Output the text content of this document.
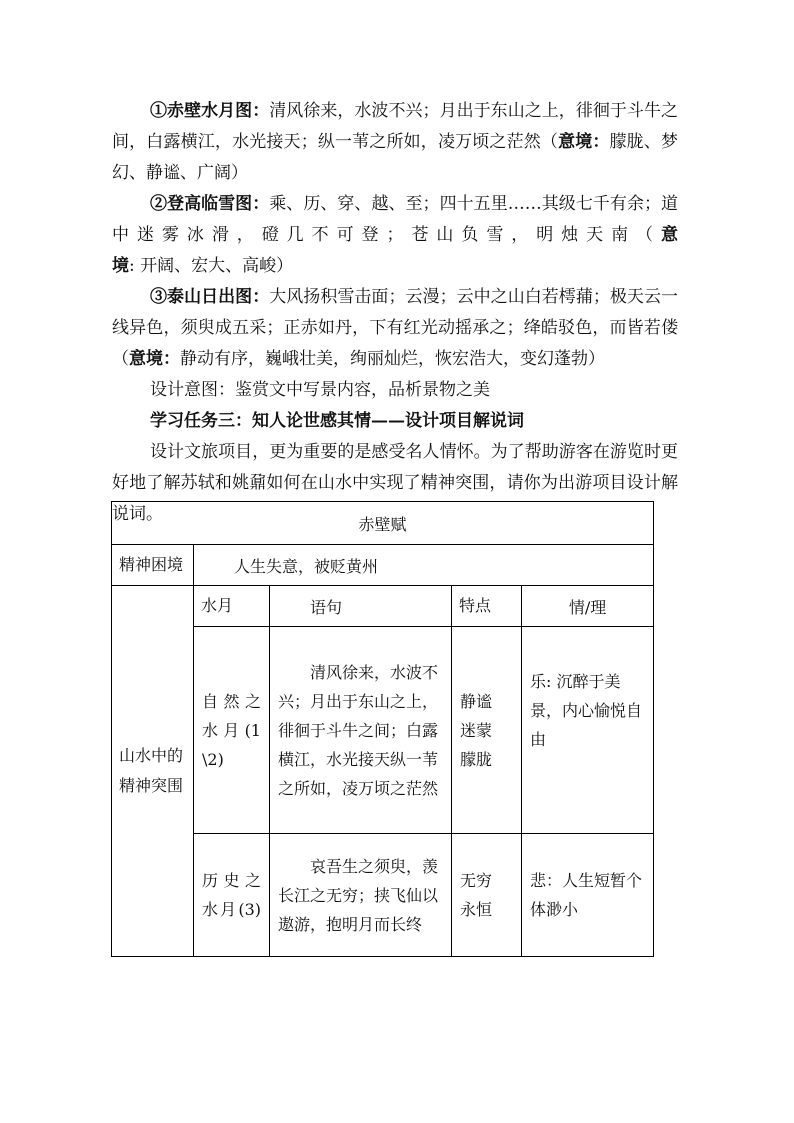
①赤壁水月图：清风徐来，水波不兴；月出于东山之上，徘徊于斗牛之间，白露横江，水光接天；纵一苇之所如，凌万顷之茫然（意境：朦胧、梦幻、静谧、广阔）

②登高临雪图：乘、历、穿、越、至；四十五里……其级七千有余；道中迷雾冰滑，磴几不可登；苍山负雪，明烛天南（意境: 开阔、宏大、高峻）

③泰山日出图：大风扬积雪击面；云漫；云中之山白若樗蒱；极天云一线异色，须臾成五采；正赤如丹，下有红光动摇承之；绛皓驳色，而皆若偻（意境：静动有序，巍峨壮美，绚丽灿烂，恢宏浩大，变幻蓬勃）

设计意图：鉴赏文中写景内容，品析景物之美

学习任务三：知人论世感其情——设计项目解说词

设计文旅项目，更为重要的是感受名人情怀。为了帮助游客在游览时更好地了解苏轼和姚鼐如何在山水中实现了精神突围，请你为出游项目设计解说词。	赤壁赋				
精神困境	人生失意，被贬黄州			
山水中的精神突围	水月	语句	特点	情/理
	自然之水月(1\2)	清风徐来，水波不兴；月出于东山之上，徘徊于斗牛之间；白露横江，水光接天纵一苇之所如，凌万顷之茫然	静谧迷蒙朦胧	乐: 沉醉于美景，内心愉悦自由
	历史之水月(3)	哀吾生之须臾，羡长江之无穷；挟飞仙以遨游，抱明月而长终	无穷永恒	悲：人生短暂个体渺小
